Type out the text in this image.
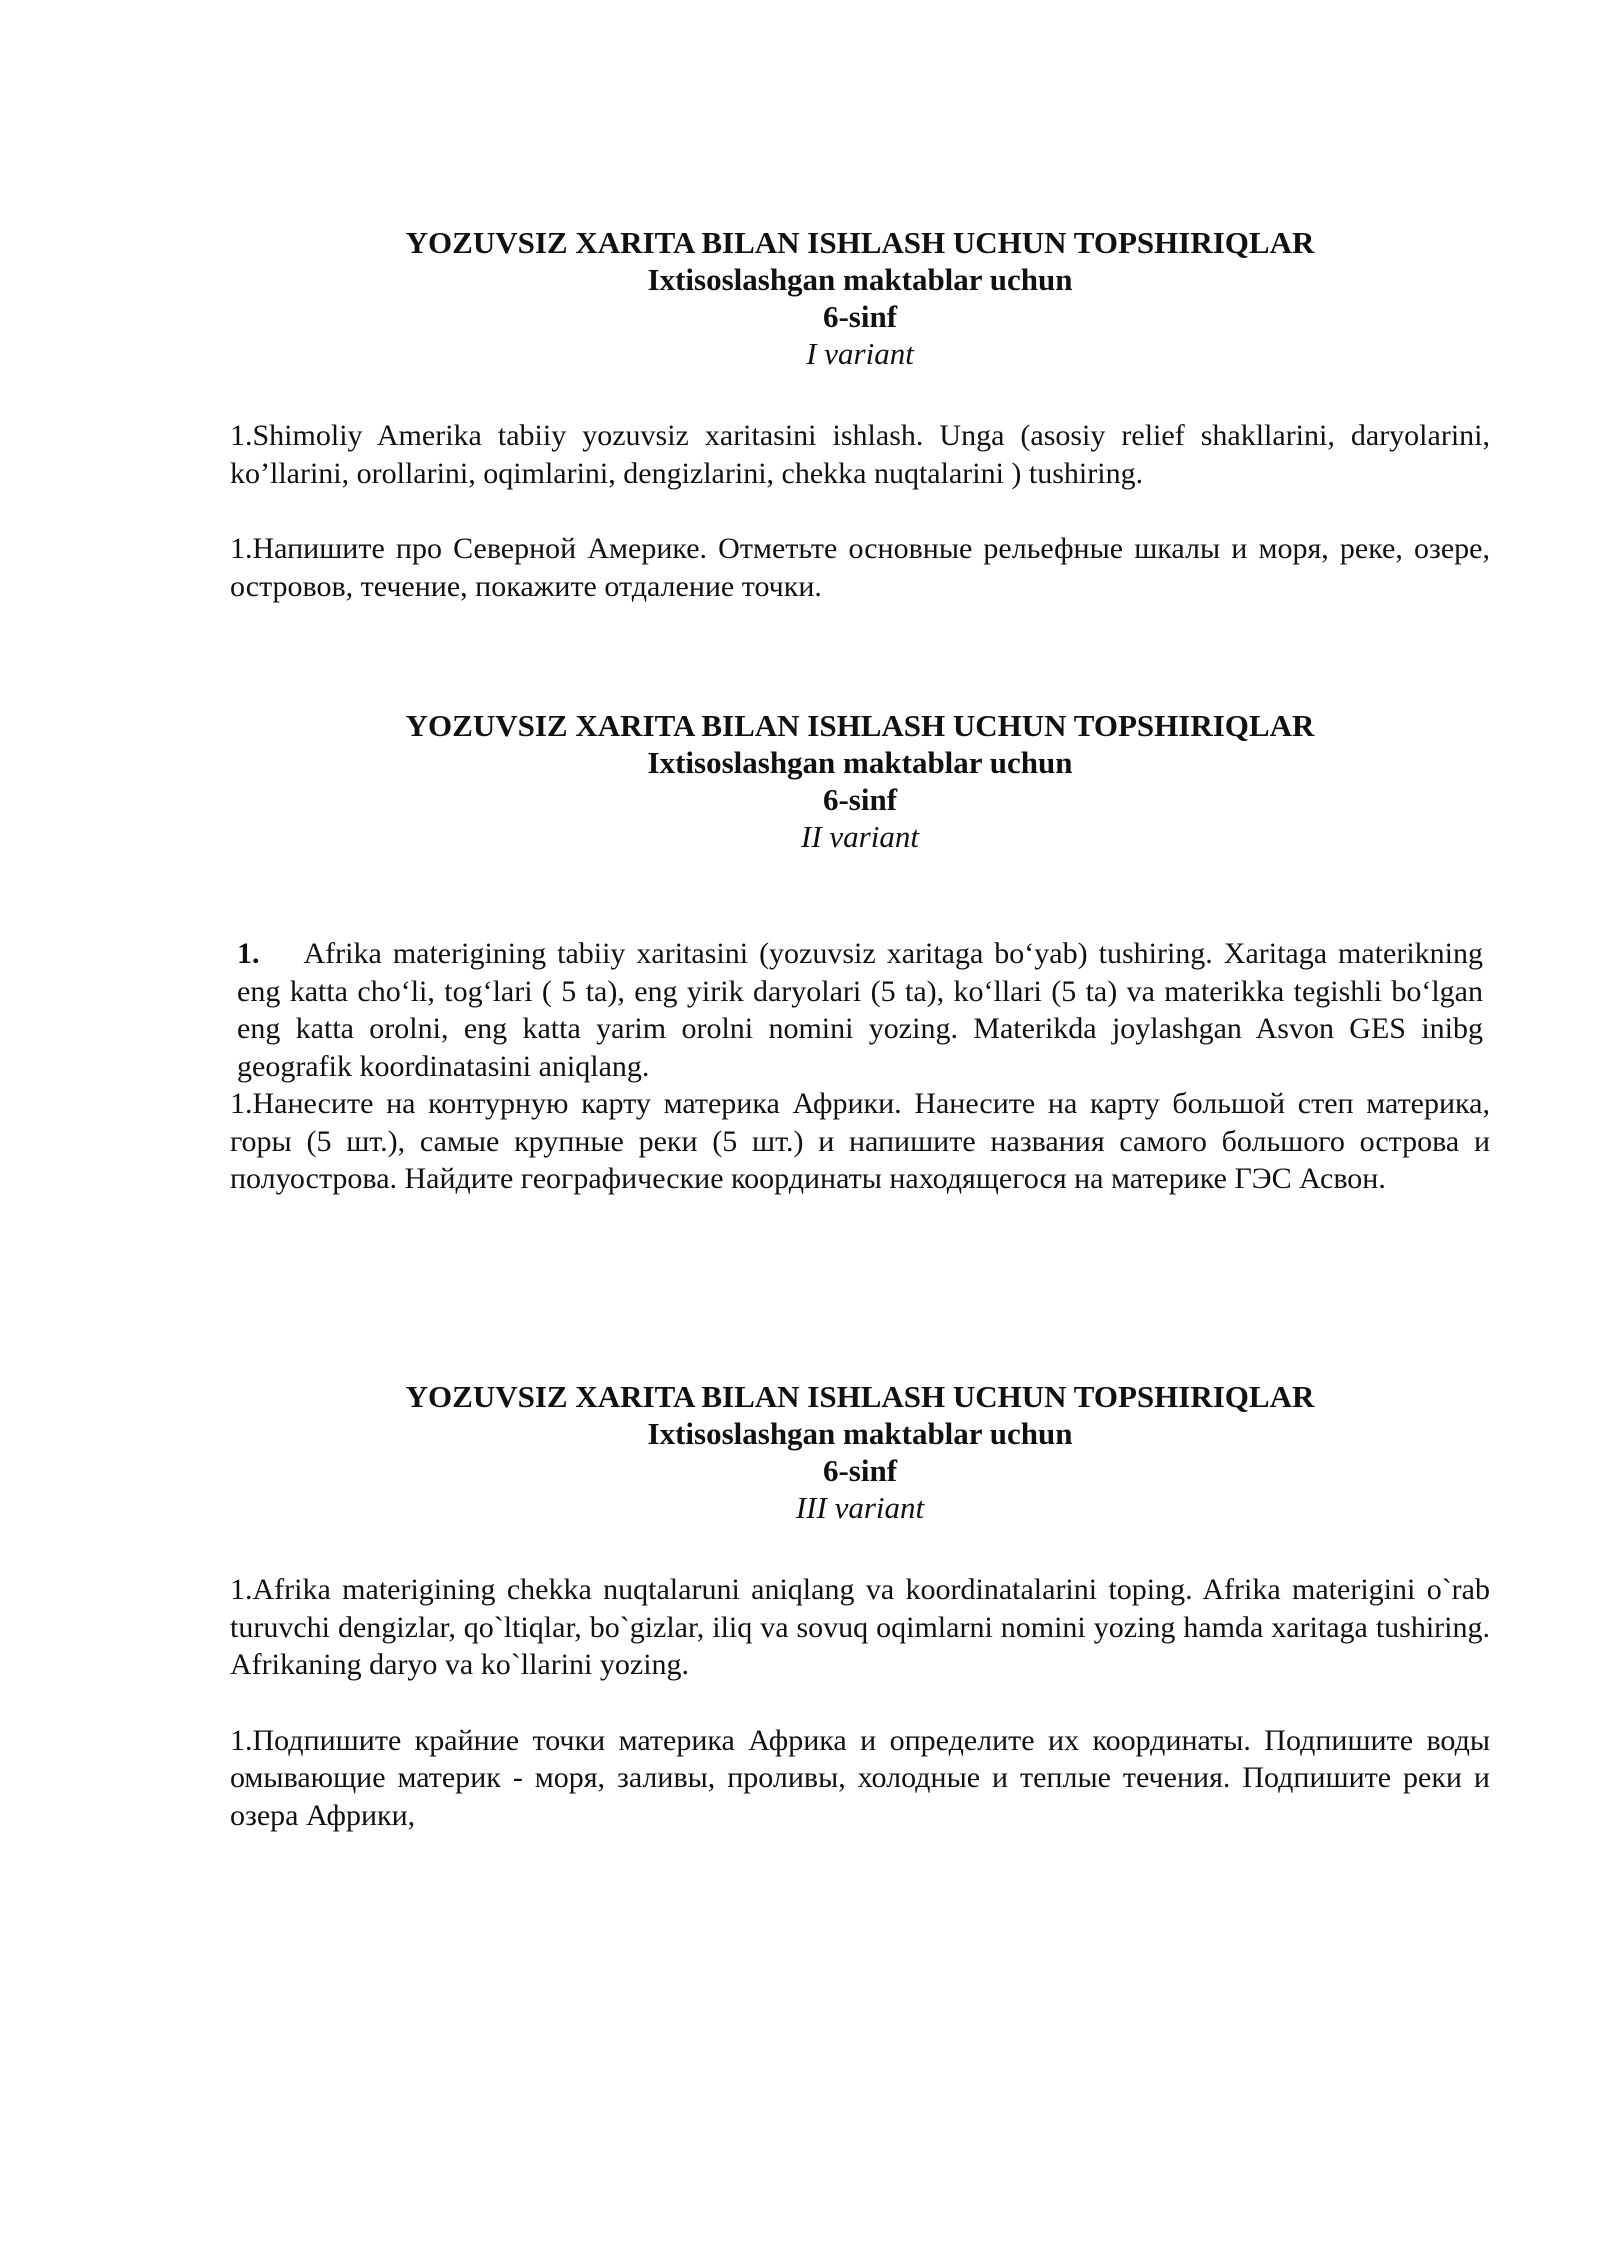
YOZUVSIZ XARITA BILAN ISHLASH UCHUN TOPSHIRIQLAR
Ixtisoslashgan maktablar uchun
6-sinf
I variant

1.Shimoliy Amerika tabiiy yozuvsiz xaritasini ishlash. Unga (asosiy relief shakllarini, daryolarini, ko’llarini, orollarini, oqimlarini, dengizlarini, chekka nuqtalarini ) tushiring.

1.Напишите про Северной Америке. Отметьте основные рельефные шкалы и моря, реке, озере, островов, течение, покажите отдаление точки.

YOZUVSIZ XARITA BILAN ISHLASH UCHUN TOPSHIRIQLAR
Ixtisoslashgan maktablar uchun
6-sinf
II variant

1. Afrika materigining tabiiy xaritasini (yozuvsiz xaritaga bo‘yab) tushiring. Xaritaga materikning eng katta cho‘li, tog‘lari ( 5 ta), eng yirik daryolari (5 ta), ko‘llari (5 ta) va materikka tegishli bo‘lgan eng katta orolni, eng katta yarim orolni nomini yozing. Materikda joylashgan Asvon GES inibg geografik koordinatasini aniqlang.

1.Нанесите на контурную карту материка Африки. Нанесите на карту большой степ материка, горы (5 шт.), самые крупные реки (5 шт.) и напишите названия самого большого острова и полуострова. Найдите географические координаты находящегося на материке ГЭС Асвон.

YOZUVSIZ XARITA BILAN ISHLASH UCHUN TOPSHIRIQLAR
Ixtisoslashgan maktablar uchun
6-sinf
III variant

1.Afrika materigining chekka nuqtalaruni aniqlang va koordinatalarini toping. Afrika materigini o`rab turuvchi dengizlar, qo`ltiqlar, bo`gizlar, iliq va sovuq oqimlarni nomini yozing hamda xaritaga tushiring. Afrikaning daryo va ko`llarini yozing.

1.Подпишите крайние точки материка Африка и определите их координаты. Подпишите воды омывающие материк - моря, заливы, проливы, холодные и теплые течения. Подпишите реки и озера Африки,
